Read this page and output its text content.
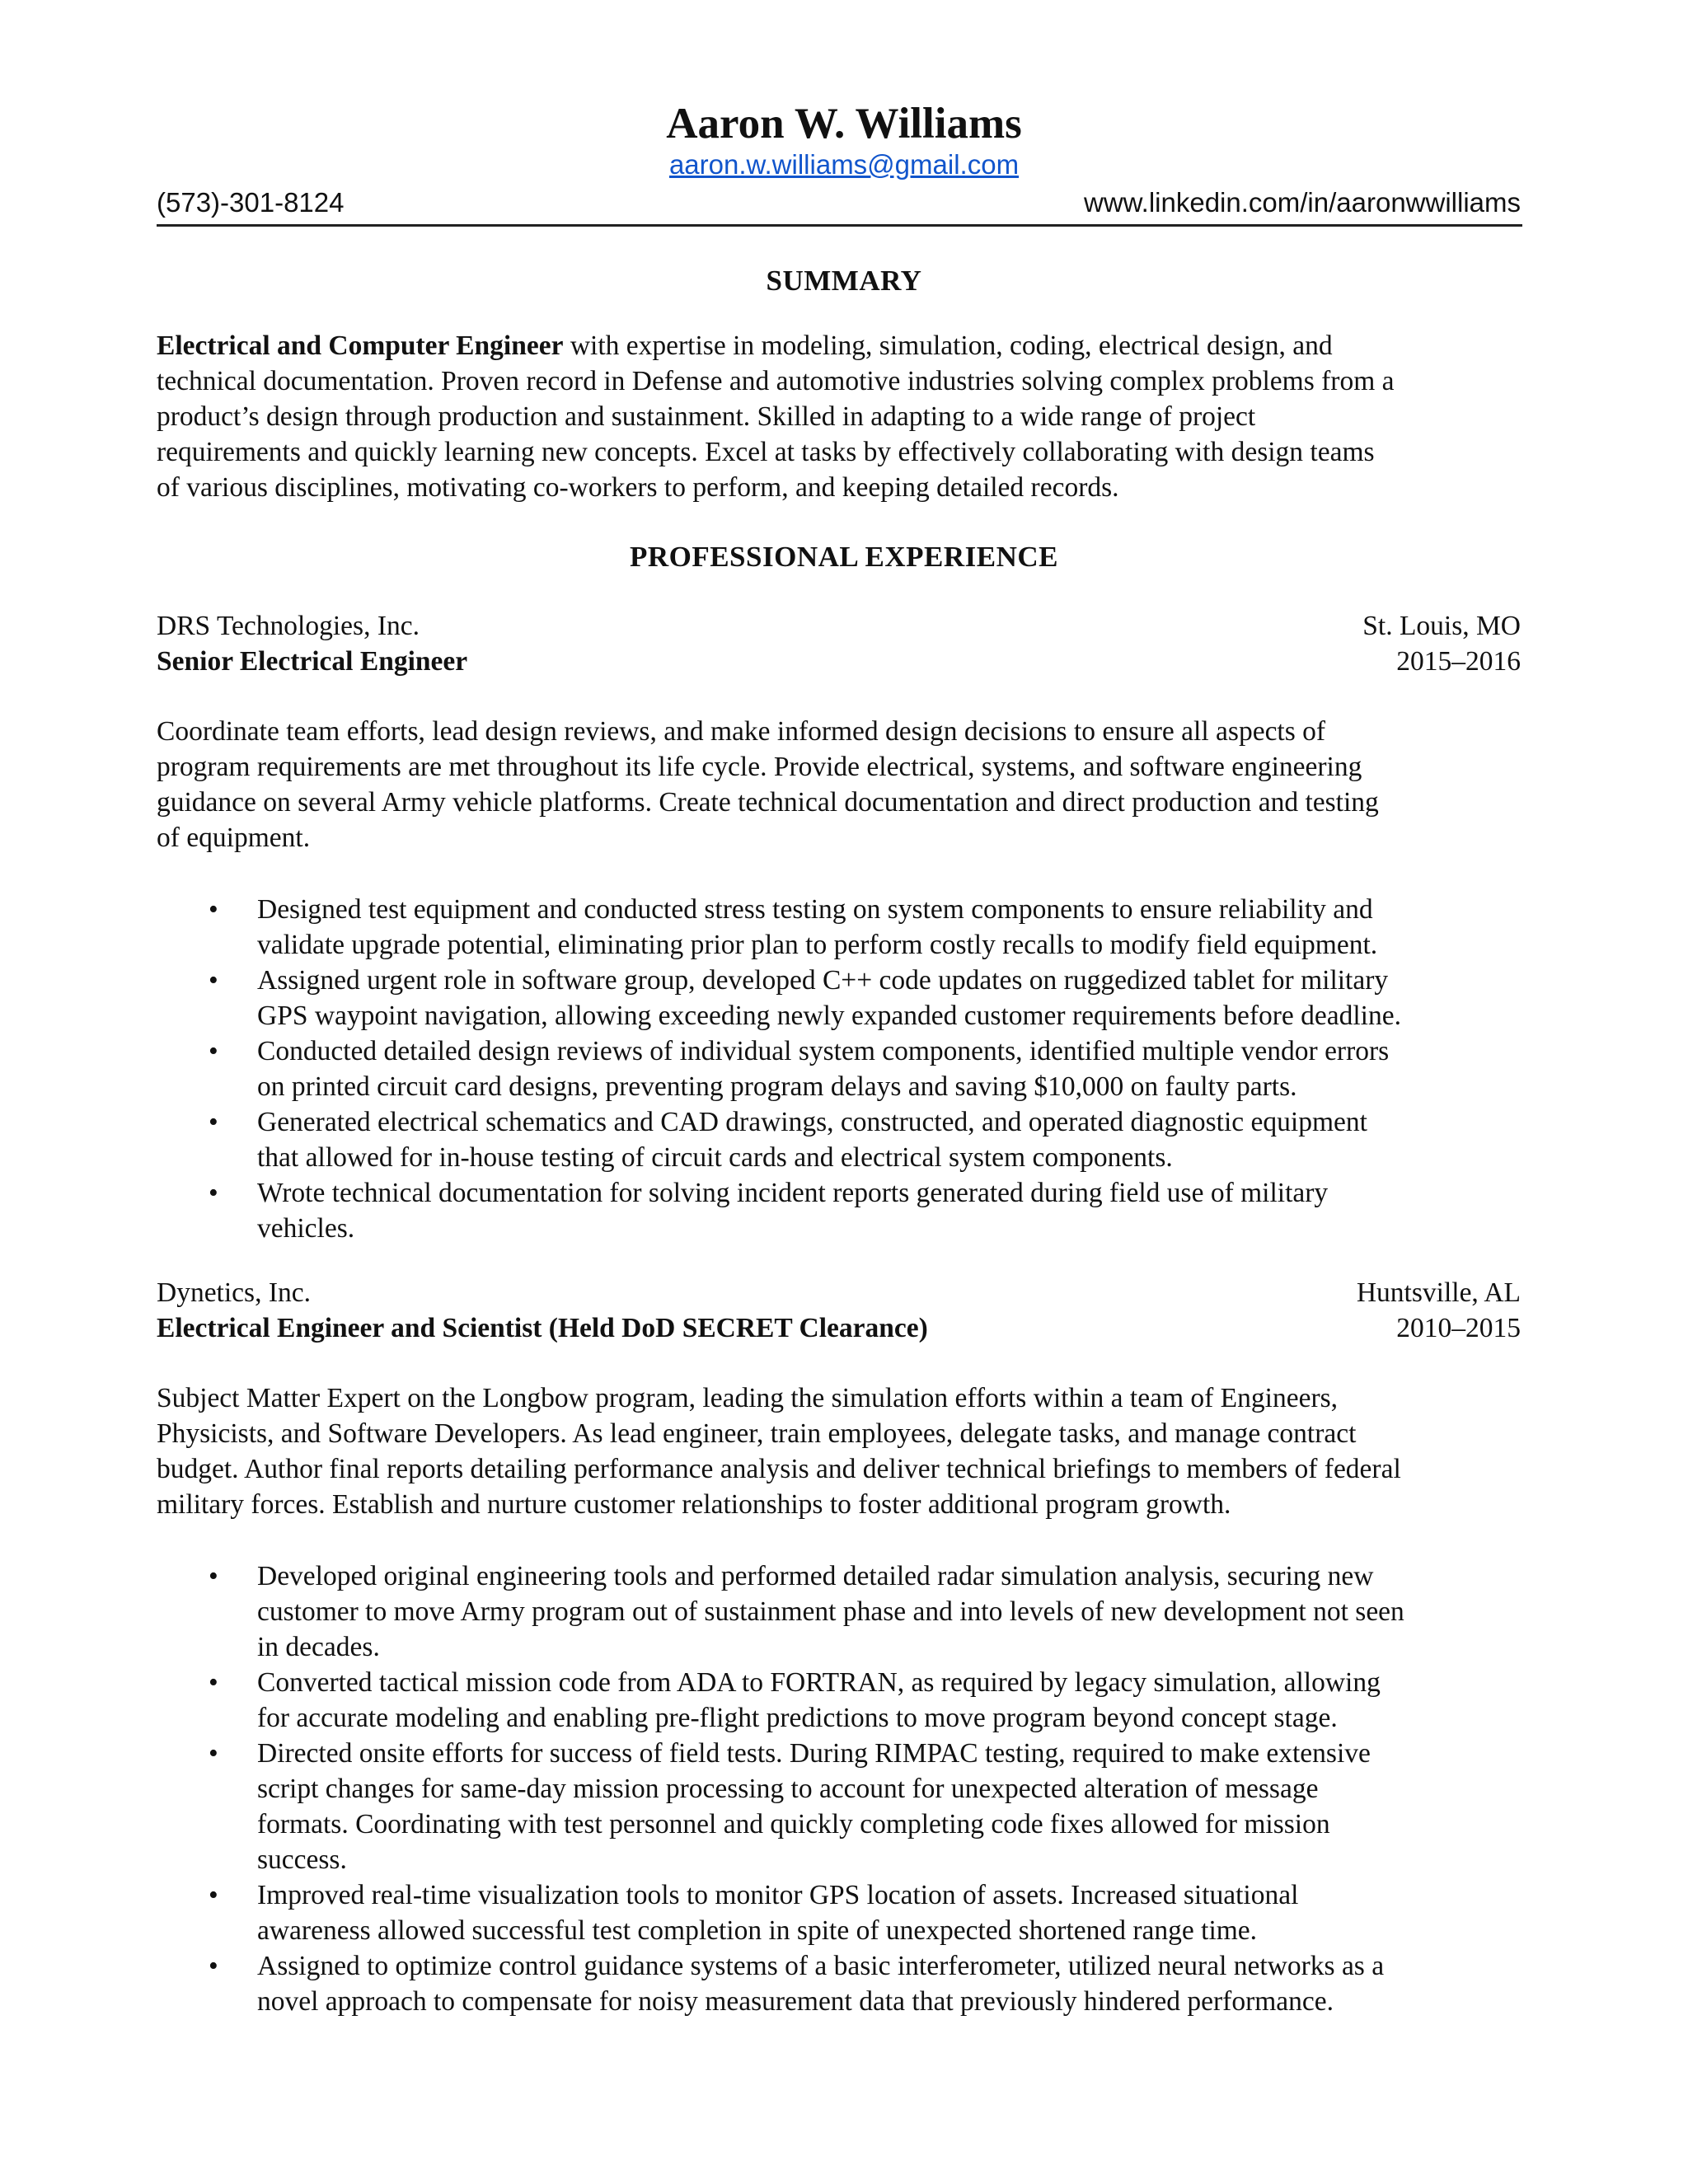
Aaron W. Williams
aaron.w.williams@gmail.com
(573)-301-8124	www.linkedin.com/in/aaronwwilliams
SUMMARY
Electrical and Computer Engineer with expertise in modeling, simulation, coding, electrical design, and
technical documentation. Proven record in Defense and automotive industries solving complex problems from a
product’s design through production and sustainment. Skilled in adapting to a wide range of project
requirements and quickly learning new concepts. Excel at tasks by effectively collaborating with design teams
of various disciplines, motivating co-workers to perform, and keeping detailed records.
PROFESSIONAL EXPERIENCE
DRS Technologies, Inc.	St. Louis, MO
Senior Electrical Engineer	2015–2016
Coordinate team efforts, lead design reviews, and make informed design decisions to ensure all aspects of
program requirements are met throughout its life cycle. Provide electrical, systems, and software engineering
guidance on several Army vehicle platforms. Create technical documentation and direct production and testing
of equipment.
• Designed test equipment and conducted stress testing on system components to ensure reliability and
validate upgrade potential, eliminating prior plan to perform costly recalls to modify field equipment.
• Assigned urgent role in software group, developed C++ code updates on ruggedized tablet for military
GPS waypoint navigation, allowing exceeding newly expanded customer requirements before deadline.
• Conducted detailed design reviews of individual system components, identified multiple vendor errors
on printed circuit card designs, preventing program delays and saving $10,000 on faulty parts.
• Generated electrical schematics and CAD drawings, constructed, and operated diagnostic equipment
that allowed for in-house testing of circuit cards and electrical system components.
• Wrote technical documentation for solving incident reports generated during field use of military
vehicles.
Dynetics, Inc.	Huntsville, AL
Electrical Engineer and Scientist (Held DoD SECRET Clearance)	2010–2015
Subject Matter Expert on the Longbow program, leading the simulation efforts within a team of Engineers,
Physicists, and Software Developers. As lead engineer, train employees, delegate tasks, and manage contract
budget. Author final reports detailing performance analysis and deliver technical briefings to members of federal
military forces. Establish and nurture customer relationships to foster additional program growth.
• Developed original engineering tools and performed detailed radar simulation analysis, securing new
customer to move Army program out of sustainment phase and into levels of new development not seen
in decades.
• Converted tactical mission code from ADA to FORTRAN, as required by legacy simulation, allowing
for accurate modeling and enabling pre-flight predictions to move program beyond concept stage.
• Directed onsite efforts for success of field tests. During RIMPAC testing, required to make extensive
script changes for same-day mission processing to account for unexpected alteration of message
formats. Coordinating with test personnel and quickly completing code fixes allowed for mission
success.
• Improved real-time visualization tools to monitor GPS location of assets. Increased situational
awareness allowed successful test completion in spite of unexpected shortened range time.
• Assigned to optimize control guidance systems of a basic interferometer, utilized neural networks as a
novel approach to compensate for noisy measurement data that previously hindered performance.
